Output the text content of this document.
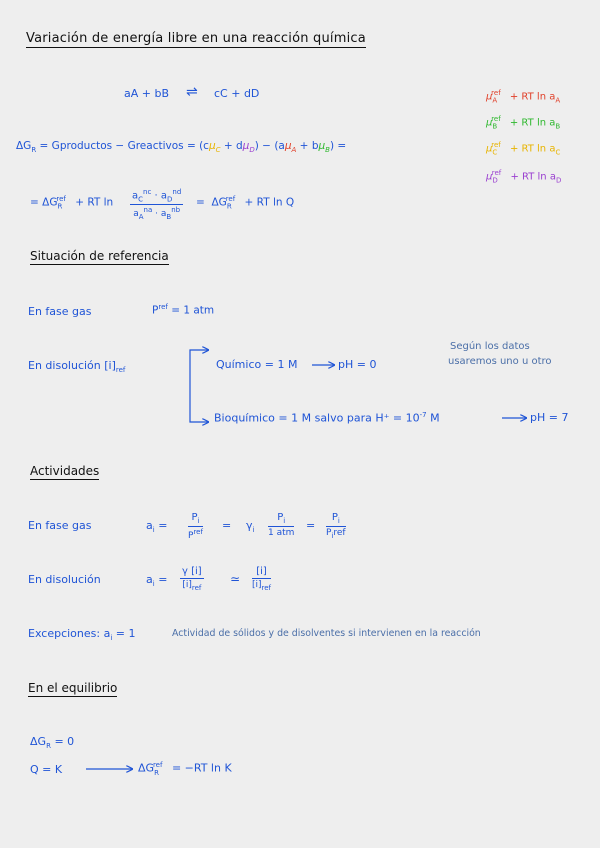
Variación de energía libre en una reacción química
aA + bB ⇌ cC + dD	$\mu_A^{ref}$ + RT $\ln a_A$
$\mu_B^{ref}$ + RT $\ln a_B$
$\mu_C^{ref}$ + RT $\ln a_C$
$\mu_D^{ref}$ + RT $\ln a_D$
$\Delta G_R$ = Gproductos − Greactivos = $(c\mu_C + d\mu_D) - (a\mu_A + b\mu_B)$ =
= $\Delta G_R^{ref}$ + RT ln
$a_C^{nc} \cdot a_D^{nd}$
$a_A^{na} \cdot a_B^{nb}$
= $\Delta G_R^{ref}$ + RT ln Q
Situación de referencia
En fase gas	$P^{ref} = 1$ atm
En disolución $[i]_{ref}$	Químico = 1 M	pH = 0
Bioquímico = 1 M salvo para $H^+ = 10^{-7}$ M	pH = 7
Según los datos
usaremos uno u otro
Actividades
En fase gas	$a_i$ =
$P_i$
$P^{ref} = \gamma_i$
$P_i$
1 atm
=
$P_i$
$P_iref$
En disolución	$a_i$ =
γ [i]
$[i]_{ref}$
≃
[i]
$[i]_{ref}$
Excepciones: $a_i = 1$	Actividad de sólidos y de disolventes si intervienen en la reacción
En el equilibrio
$\Delta G_R = 0$
Q = K	$\Delta G_R^{ref} = -RT$ ln K
